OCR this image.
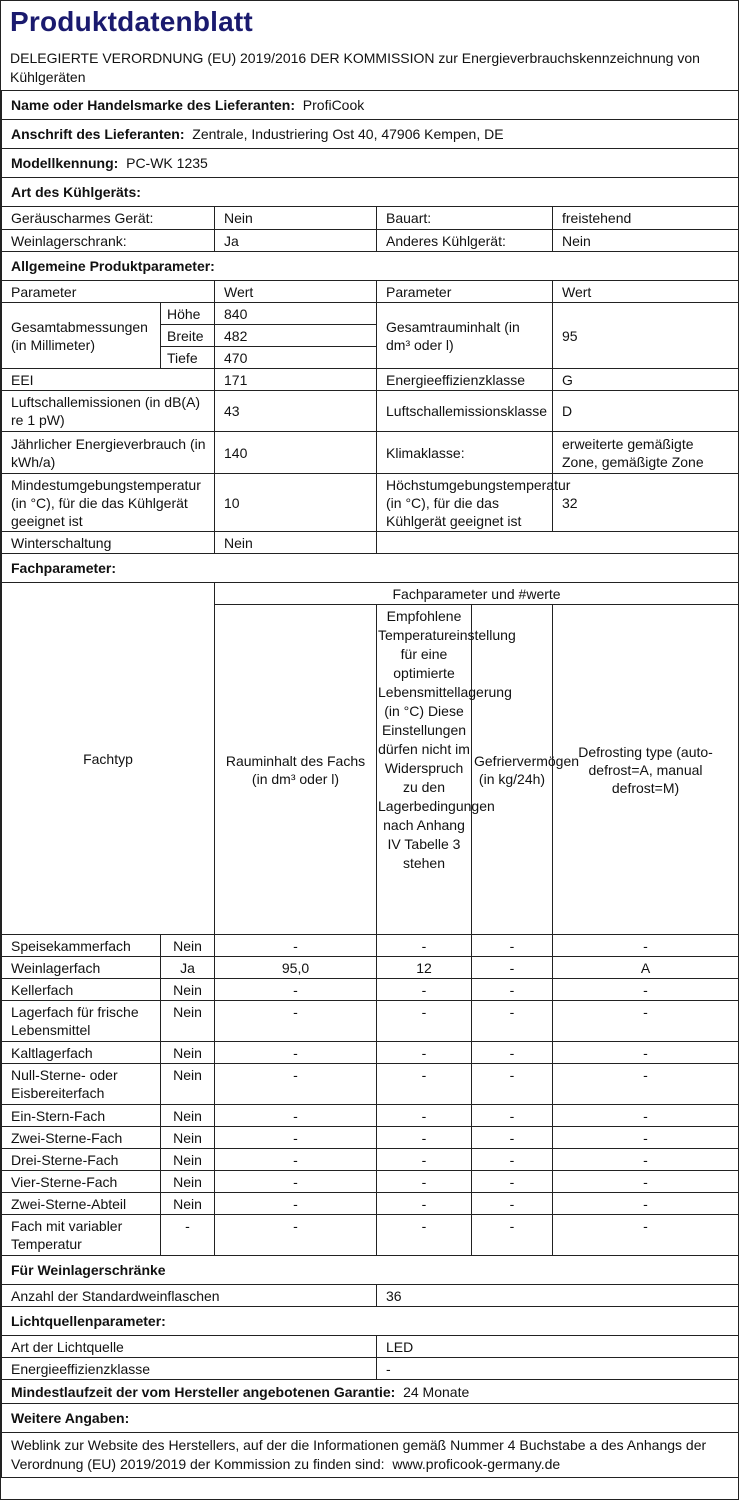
Produktdatenblatt
DELEGIERTE VERORDNUNG (EU) 2019/2016 DER KOMMISSION zur Energieverbrauchskennzeichnung von Kühlgeräten
Name oder Handelsmarke des Lieferanten: ProfiCook					
Anschrift des Lieferanten: Zentrale, Industriering Ost 40, 47906 Kempen, DE					
Modellkennung: PC-WK 1235					
Art des Kühlgeräts:					
Geräuscharmes Gerät:		Nein	Bauart:		freistehend
Weinlagerschrank:		Ja	Anderes Kühlgerät:		Nein
Allgemeine Produktparameter:					
Parameter		Wert	Parameter		Wert
Gesamtabmessungen (in Millimeter)	Höhe	840	Gesamtrauminhalt (in dm³ oder l)		95
	Breite	482			
	Tiefe	470			
EEI		171	Energieeffizienzklasse		G
Luftschallemissionen (in dB(A) re 1 pW)		43	Luftschallemissionsklasse		D
Jährlicher Energieverbrauch (in kWh/a)		140	Klimaklasse:		erweiterte gemäßigte Zone, gemäßigte Zone
Mindestumgebungstemperatur (in °C), für die das Kühlgerät geeignet ist		10	Höchstumgebungstemperatur (in °C), für die das Kühlgerät geeignet ist		32
Winterschaltung		Nein			
Fachparameter:					
Fachtyp		Fachparameter und #werte			
		Rauminhalt des Fachs (in dm³ oder l)	Empfohlene Temperatureinstellung für eine optimierte Lebensmittellagerung (in °C) Diese Einstellungen dürfen nicht im Widerspruch zu den Lagerbedingungen nach Anhang IV Tabelle 3 stehen	Gefriervermögen (in kg/24h)	Defrosting type (auto-defrost=A, manual defrost=M)
Speisekammerfach	Nein	-	-	-	-
Weinlagerfach	Ja	95,0	12	-	A
Kellerfach	Nein	-	-	-	-
Lagerfach für frische Lebensmittel	Nein	-	-	-	-
Kaltlagerfach	Nein	-	-	-	-
Null-Sterne- oder Eisbereiterfach	Nein	-	-	-	-
Ein-Stern-Fach	Nein	-	-	-	-
Zwei-Sterne-Fach	Nein	-	-	-	-
Drei-Sterne-Fach	Nein	-	-	-	-
Vier-Sterne-Fach	Nein	-	-	-	-
Zwei-Sterne-Abteil	Nein	-	-	-	-
Fach mit variabler Temperatur	-	-	-	-	-
Für Weinlagerschränke	
Anzahl der Standardweinflaschen	36
Lichtquellenparameter:	
Art der Lichtquelle	LED
Energieeffizienzklasse	-
Mindestlaufzeit der vom Hersteller angebotenen Garantie: 24 Monate	
Weitere Angaben:	
Weblink zur Website des Herstellers, auf der die Informationen gemäß Nummer 4 Buchstabe a des Anhangs der Verordnung (EU) 2019/2019 der Kommission zu finden sind: www.proficook-germany.de	
